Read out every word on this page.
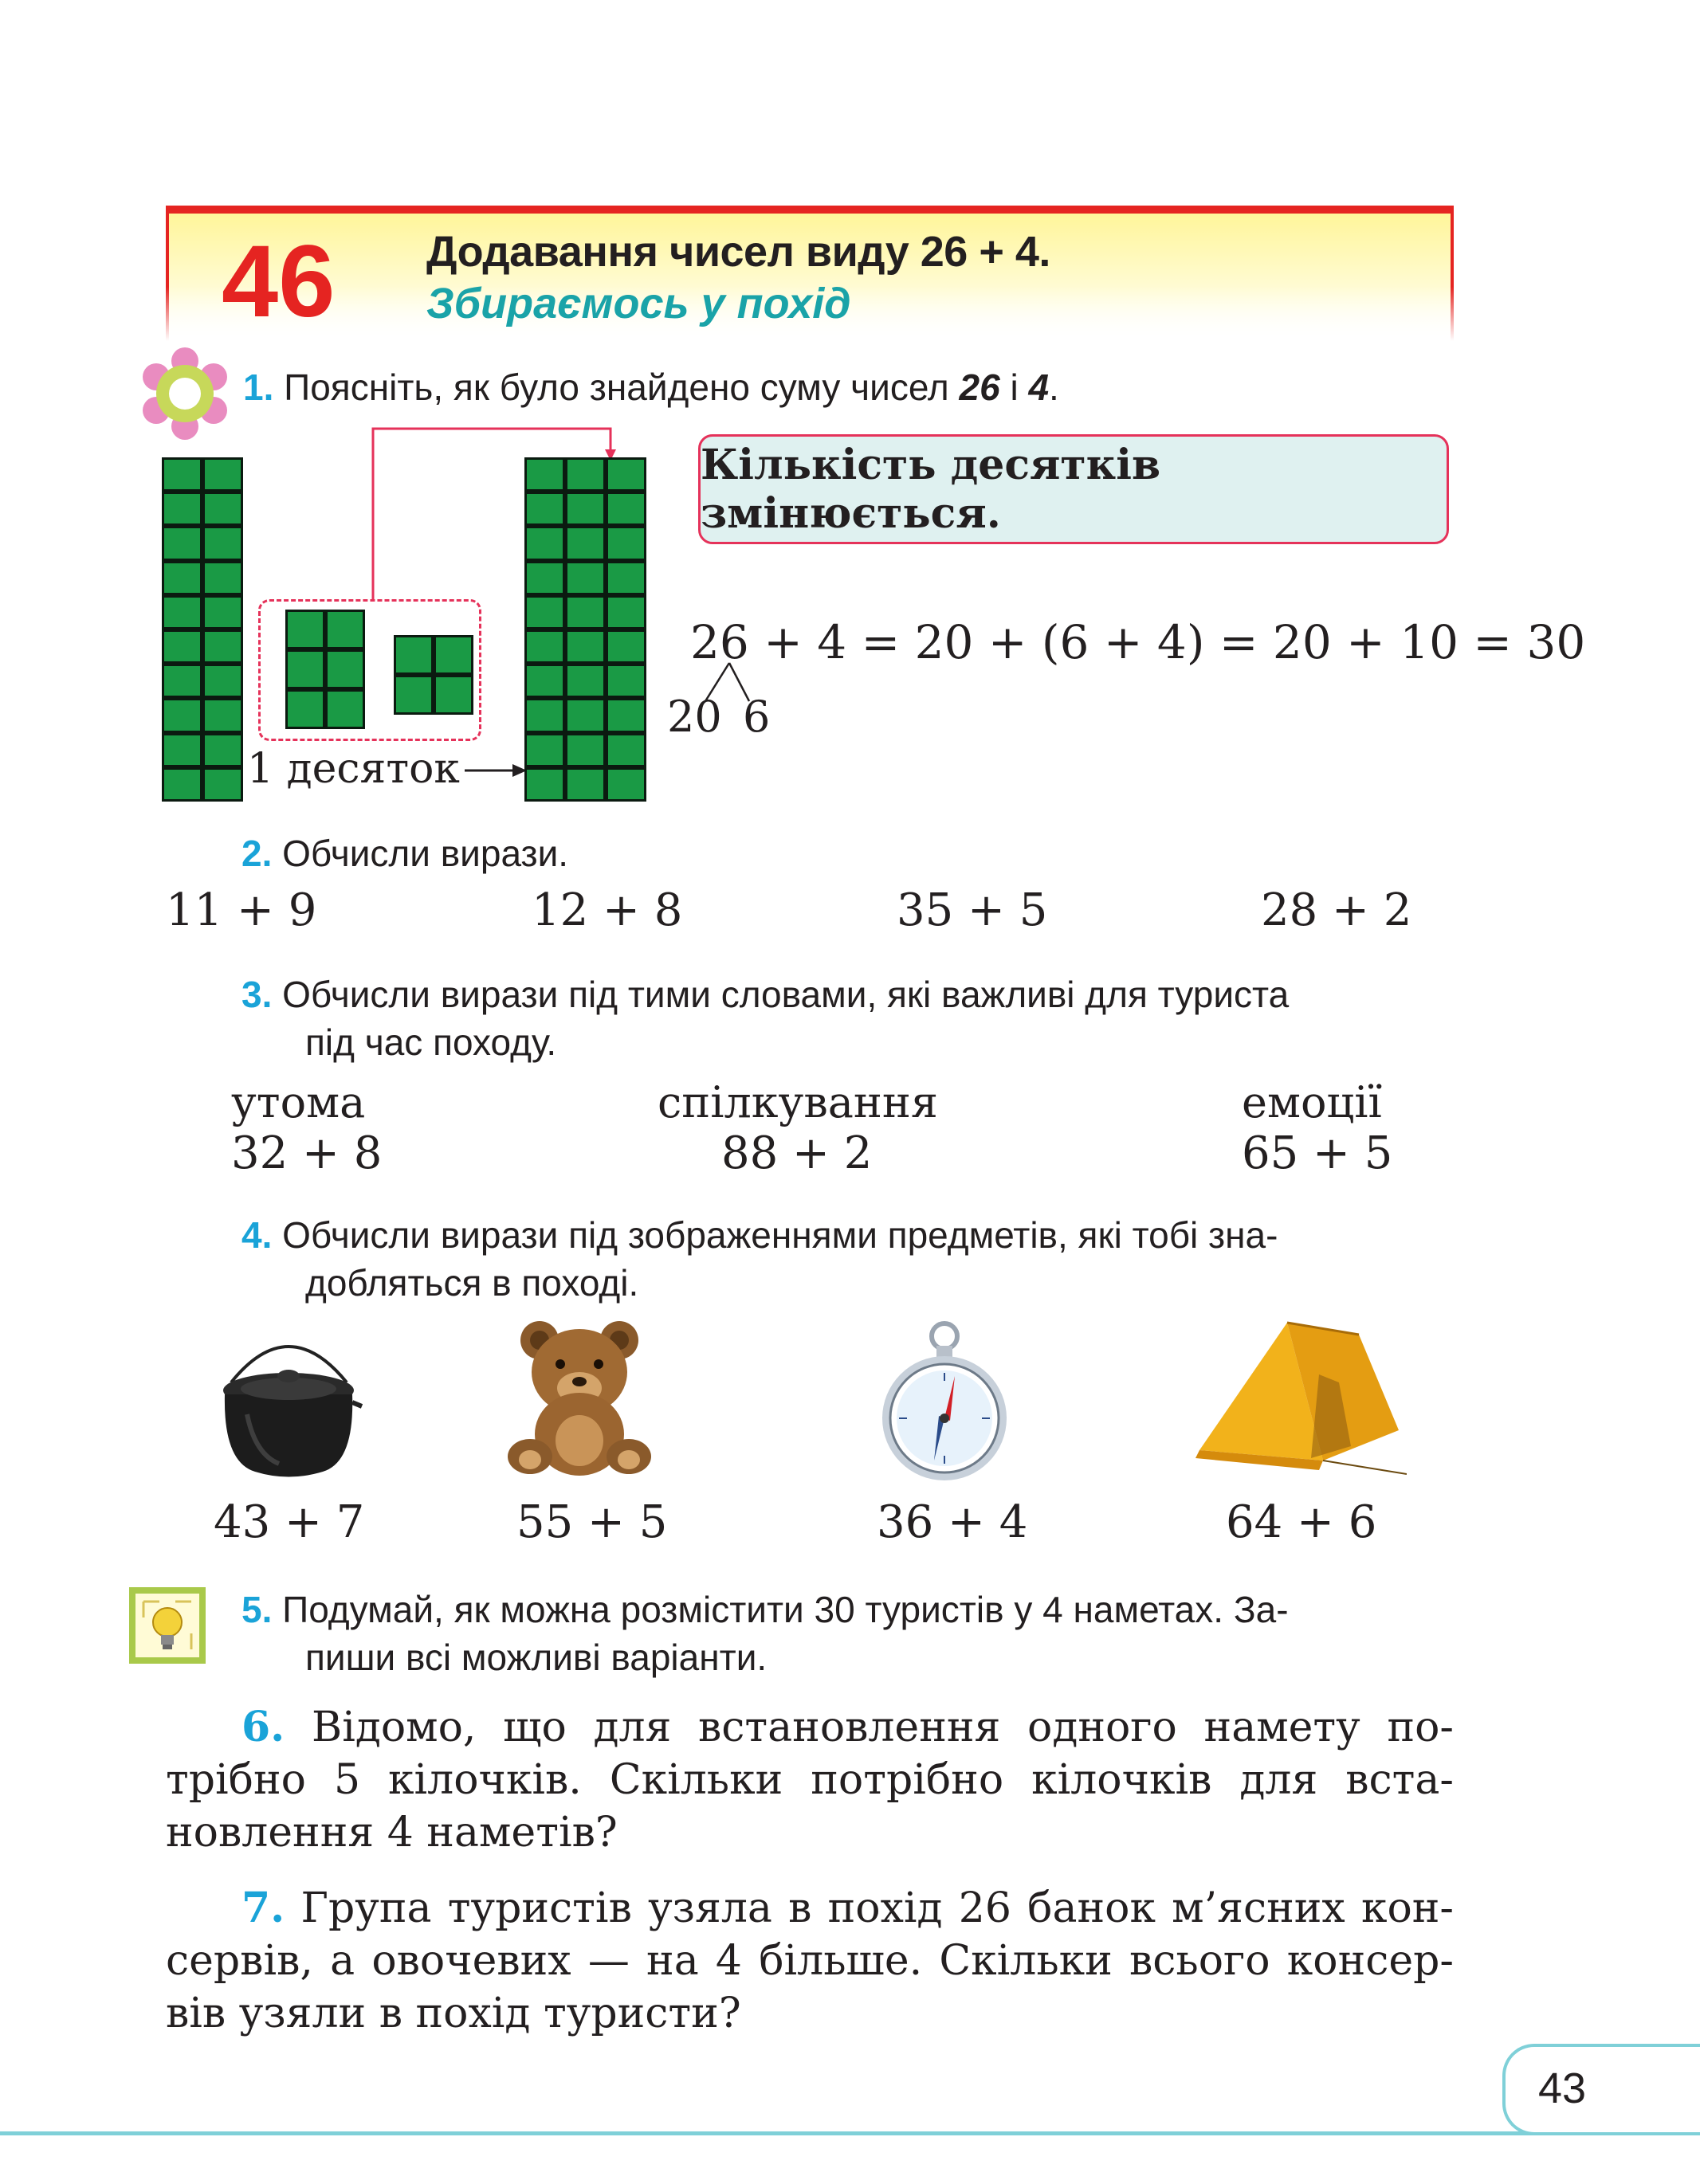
46 Додавання чисел виду 26 + 4.
Збираємось у похід
1. Поясніть, як було знайдено суму чисел 26 і 4.
1 десяток
Кількість десятків змінюється.
26 + 4 = 20 + (6 + 4) = 20 + 10 = 30
20 6
2. Обчисли вирази.
11 + 9	12 + 8	35 + 5	28 + 2
3. Обчисли вирази під тими словами, які важливі для туриста
під час походу.
утома
32 + 8
спілкування
88 + 2
емоції
65 + 5
4. Обчисли вирази під зображеннями предметів, які тобі зна-
добляться в поході.
43 + 7	55 + 5	36 + 4	64 + 6
5. Подумай, як можна розмістити 30 туристів у 4 наметах. За-
пиши всі можливі варіанти.
6. Відомо, що для встановлення одного намету по-
трібно 5 кілочків. Скільки потрібно кілочків для вста-
новлення 4 наметів?
7. Група туристів узяла в похід 26 банок м’ясних кон-
сервів, а овочевих — на 4 більше. Скільки всього консер-
вів узяли в похід туристи?
43
